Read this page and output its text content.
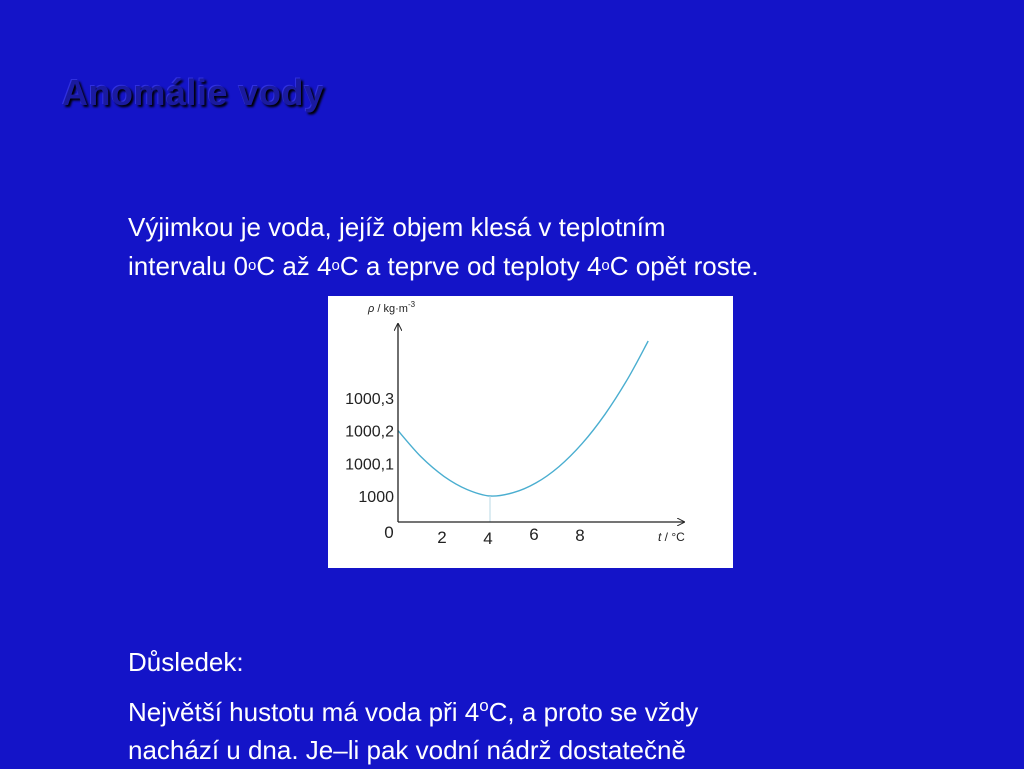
Anomálie vody
Výjimkou je voda, jejíž objem klesá v teplotním
intervalu 0$^o$C až 4$^o$C a teprve od teploty 4$^o$C opět roste.
2 4 6 8
0
1000
1000,1
1000,2
1000,3
$\rho / kg\cdot m^{-3}$
t / °C
Důsledek:
Největší hustotu má voda při 4$^o$C, a proto se vždy
nachází u dna. Je–li pak vodní nádrž dostatečně
